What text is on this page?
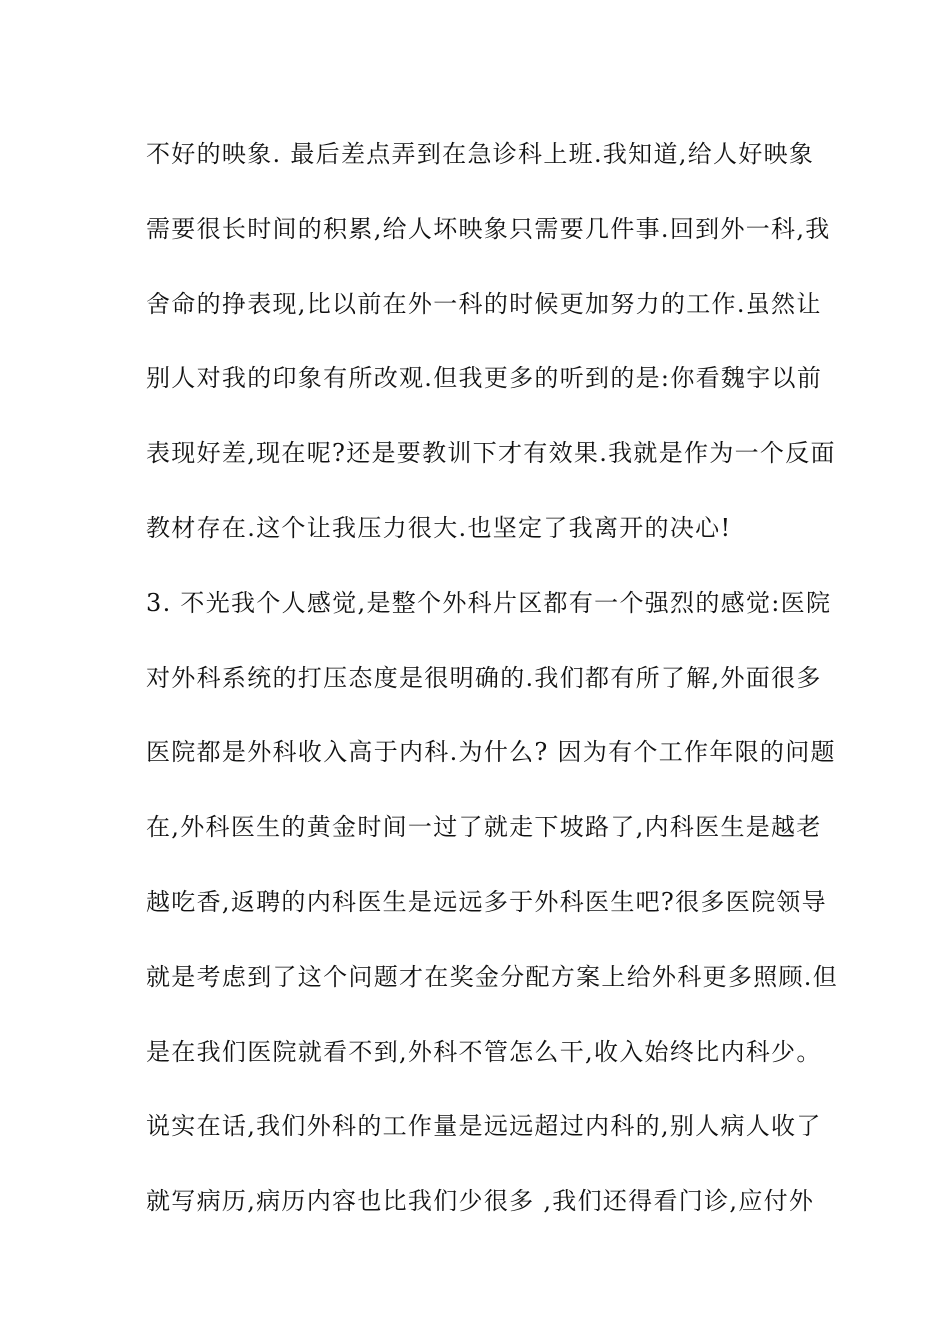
不好的映象. 最后差点弄到在急诊科上班.我知道,给人好映象
需要很长时间的积累,给人坏映象只需要几件事.回到外一科,我
舍命的挣表现,比以前在外一科的时候更加努力的工作.虽然让
别人对我的印象有所改观.但我更多的听到的是:你看魏宇以前
表现好差,现在呢?还是要教训下才有效果.我就是作为一个反面
教材存在.这个让我压力很大.也坚定了我离开的决心!
3. 不光我个人感觉,是整个外科片区都有一个强烈的感觉:医院
对外科系统的打压态度是很明确的.我们都有所了解,外面很多
医院都是外科收入高于内科.为什么? 因为有个工作年限的问题
在,外科医生的黄金时间一过了就走下坡路了,内科医生是越老
越吃香,返聘的内科医生是远远多于外科医生吧?很多医院领导
就是考虑到了这个问题才在奖金分配方案上给外科更多照顾.但
是在我们医院就看不到,外科不管怎么干,收入始终比内科少。
说实在话,我们外科的工作量是远远超过内科的,别人病人收了
就写病历,病历内容也比我们少很多 ,我们还得看门诊,应付外
